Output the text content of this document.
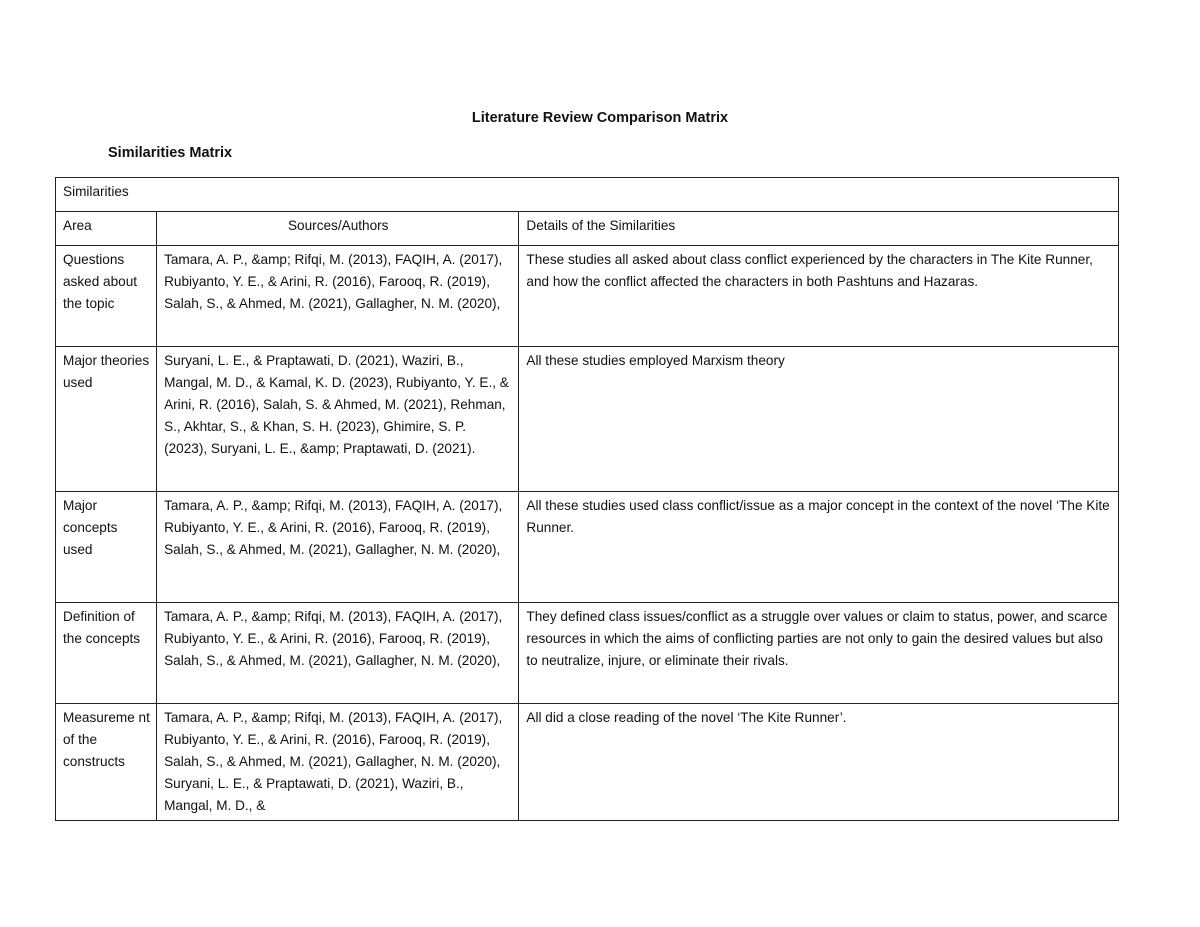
Literature Review Comparison Matrix
Similarities Matrix
Similarities		
Area	Sources/Authors	Details of the Similarities
Questions asked about the topic	Tamara, A. P., &amp; Rifqi, M. (2013), FAQIH, A. (2017), Rubiyanto, Y. E., & Arini, R. (2016), Farooq, R. (2019), Salah, S., & Ahmed, M. (2021), Gallagher, N. M. (2020),	These studies all asked about class conflict experienced by the characters in The Kite Runner, and how the conflict affected the characters in both Pashtuns and Hazaras.
Major theories used	Suryani, L. E., & Praptawati, D. (2021), Waziri, B., Mangal, M. D., & Kamal, K. D. (2023), Rubiyanto, Y. E., & Arini, R. (2016), Salah, S. & Ahmed, M. (2021), Rehman, S., Akhtar, S., & Khan, S. H. (2023), Ghimire, S. P. (2023), Suryani, L. E., &amp; Praptawati, D. (2021).	All these studies employed Marxism theory
Major concepts used	Tamara, A. P., &amp; Rifqi, M. (2013), FAQIH, A. (2017), Rubiyanto, Y. E., & Arini, R. (2016), Farooq, R. (2019), Salah, S., & Ahmed, M. (2021), Gallagher, N. M. (2020),	All these studies used class conflict/issue as a major concept in the context of the novel ‘The Kite Runner.
Definition of the concepts	Tamara, A. P., &amp; Rifqi, M. (2013), FAQIH, A. (2017), Rubiyanto, Y. E., & Arini, R. (2016), Farooq, R. (2019), Salah, S., & Ahmed, M. (2021), Gallagher, N. M. (2020),	They defined class issues/conflict as a struggle over values or claim to status, power, and scarce resources in which the aims of conflicting parties are not only to gain the desired values but also to neutralize, injure, or eliminate their rivals.
Measureme nt of the constructs	Tamara, A. P., &amp; Rifqi, M. (2013), FAQIH, A. (2017), Rubiyanto, Y. E., & Arini, R. (2016), Farooq, R. (2019), Salah, S., & Ahmed, M. (2021), Gallagher, N. M. (2020), Suryani, L. E., & Praptawati, D. (2021), Waziri, B., Mangal, M. D., &	All did a close reading of the novel ‘The Kite Runner’.
